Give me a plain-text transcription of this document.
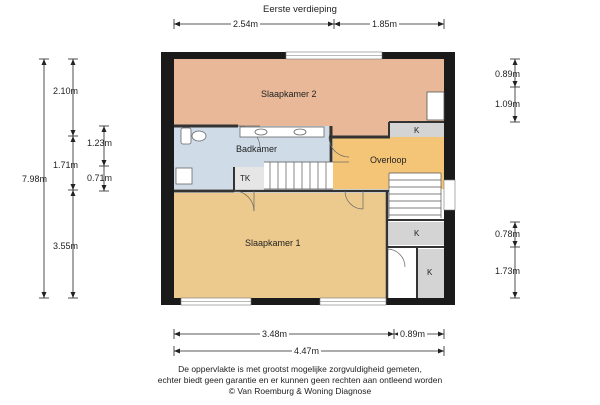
Eerste verdieping
Slaapkamer 2
Badkamer
Overloop
TK
Slaapkamer 1
K
K
K
2.54m	1.85m
2.10m
1.71m
3.55m
7.98m
1.23m
0.71m
0.89m
1.09m
0.78m
1.73m
3.48m	0.89m
4.47m
De oppervlakte is met grootst mogelijke zorgvuldigheid gemeten,
echter biedt geen garantie en er kunnen geen rechten aan ontleend worden
© Van Roemburg & Woning Diagnose
